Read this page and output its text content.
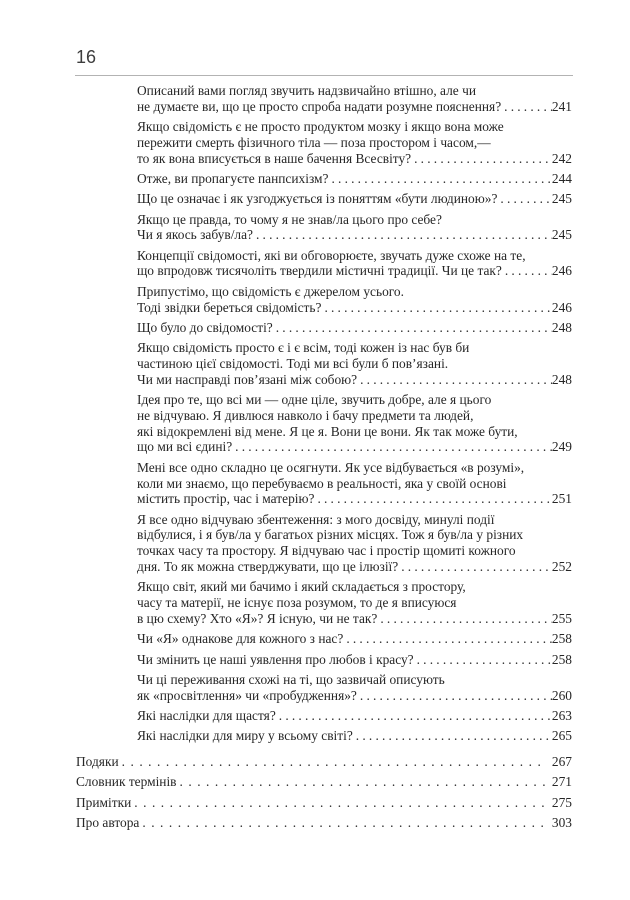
16
Описаний вами погляд звучить надзвичайно втішно, але чи
не думаєте ви, що це просто спроба надати розумне пояснення? .....	241
Якщо свідомість є не просто продуктом мозку і якщо вона може
пережити смерть фізичного тіла — поза простором і часом,—
то як вона вписується в наше бачення Всесвіту? .....	242
Отже, ви пропагуєте панпсихізм? .....	244
Що це означає і як узгоджується із поняттям «бути людиною»? .....	245
Якщо це правда, то чому я не знав/ла цього про себе?
Чи я якось забув/ла? .....	245
Концепції свідомості, які ви обговорюєте, звучать дуже схоже на те,
що впродовж тисячоліть твердили містичні традиції. Чи це так? .....	246
Припустімо, що свідомість є джерелом усього.
Тоді звідки береться свідомість? .....	246
Що було до свідомості? .....	248
Якщо свідомість просто є і є всім, тоді кожен із нас був би
частиною цієї свідомості. Тоді ми всі були б пов’язані.
Чи ми насправді пов’язані між собою? .....	248
Ідея про те, що всі ми — одне ціле, звучить добре, але я цього
не відчуваю. Я дивлюся навколо і бачу предмети та людей,
які відокремлені від мене. Я це я. Вони це вони. Як так може бути,
що ми всі єдині? .....	249
Мені все одно складно це осягнути. Як усе відбувається «в розумі»,
коли ми знаємо, що перебуваємо в реальності, яка у своїй основі
містить простір, час і матерію? .....	251
Я все одно відчуваю збентеження: з мого досвіду, минулі події
відбулися, і я був/ла у багатьох різних місцях. Тож я був/ла у різних
точках часу та простору. Я відчуваю час і простір щомиті кожного
дня. То як можна стверджувати, що це ілюзії? .....	252
Якщо світ, який ми бачимо і який складається з простору,
часу та матерії, не існує поза розумом, то де я вписуюся
в цю схему? Хто «Я»? Я існую, чи не так? .....	255
Чи «Я» однакове для кожного з нас? .....	258
Чи змінить це наші уявлення про любов і красу? .....	258
Чи ці переживання схожі на ті, що зазвичай описують
як «просвітлення» чи «пробудження»? .....	260
Які наслідки для щастя? .....	263
Які наслідки для миру у всьому світі? .....	265
Подяки .....	267
Словник термінів .....	271
Примітки .....	275
Про автора .....	303
